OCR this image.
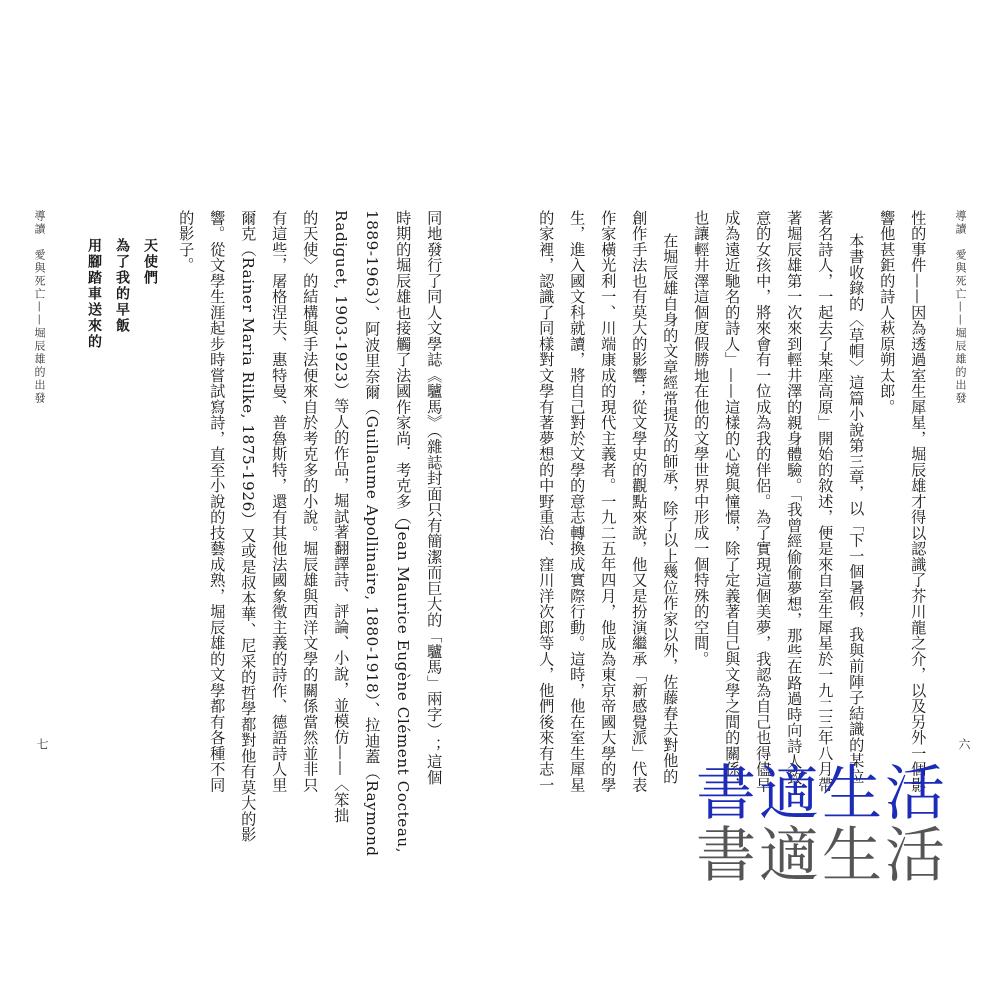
導讀　愛與死亡——堀辰雄的出發
性的事件——因為透過室生犀星，堀辰雄才得以認識了芥川龍之介，以及另外一個影
響他甚鉅的詩人萩原朔太郎。
本書收錄的〈草帽〉這篇小說第三章，以「下一個暑假，我與前陣子結識的某位
著名詩人，一起去了某座高原」開始的敘述，便是來自室生犀星於一九二三年八月帶
著堀辰雄第一次來到輕井澤的親身體驗。「我曾經偷偷夢想，那些在路過時向詩人致
意的女孩中，將來會有一位成為我的伴侶。為了實現這個美夢，我認為自己也得儘早
成為遠近馳名的詩人」——這樣的心境與憧憬，除了定義著自己與文學之間的關係，
也讓輕井澤這個度假勝地在他的文學世界中形成一個特殊的空間。
在堀辰雄自身的文章經常提及的師承，除了以上幾位作家以外，佐藤春夫對他的
創作手法也有莫大的影響；從文學史的觀點來說，他又是扮演繼承「新感覺派」代表
作家橫光利一、川端康成的現代主義者。一九二五年四月，他成為東京帝國大學的學
生，進入國文科就讀，將自己對於文學的意志轉換成實際行動。這時，他在室生犀星
的家裡，認識了同樣對文學有著夢想的中野重治、窪川洋次郎等人，他們後來有志一	六
同地發行了同人文學誌《驢馬》（雜誌封面只有簡潔而巨大的「驢馬」兩字）；這個
時期的堀辰雄也接觸了法國作家尚．考克多（Jean Maurice Eugène Clément Cocteau,
1889-1963）、阿波里奈爾（Guillaume Apollinaire, 1880-1918）、拉迪蓋（Raymond
Radiguet, 1903-1923）等人的作品，堀試著翻譯詩、評論、小說，並模仿——〈笨拙
的天使〉的結構與手法便來自於考克多的小說。堀辰雄與西洋文學的關係當然並非只
有這些，屠格涅夫、惠特曼、普魯斯特，還有其他法國象徵主義的詩作、德語詩人里
爾克（Rainer Maria Rilke, 1875-1926）又或是叔本華、尼采的哲學都對他有莫大的影
響。從文學生涯起步時嘗試寫詩，直至小說的技藝成熟，堀辰雄的文學都有各種不同
的影子。
天使們
為了我的早飯
用腳踏車送來的
導讀　愛與死亡——堀辰雄的出發
七
書適生活
書適生活
